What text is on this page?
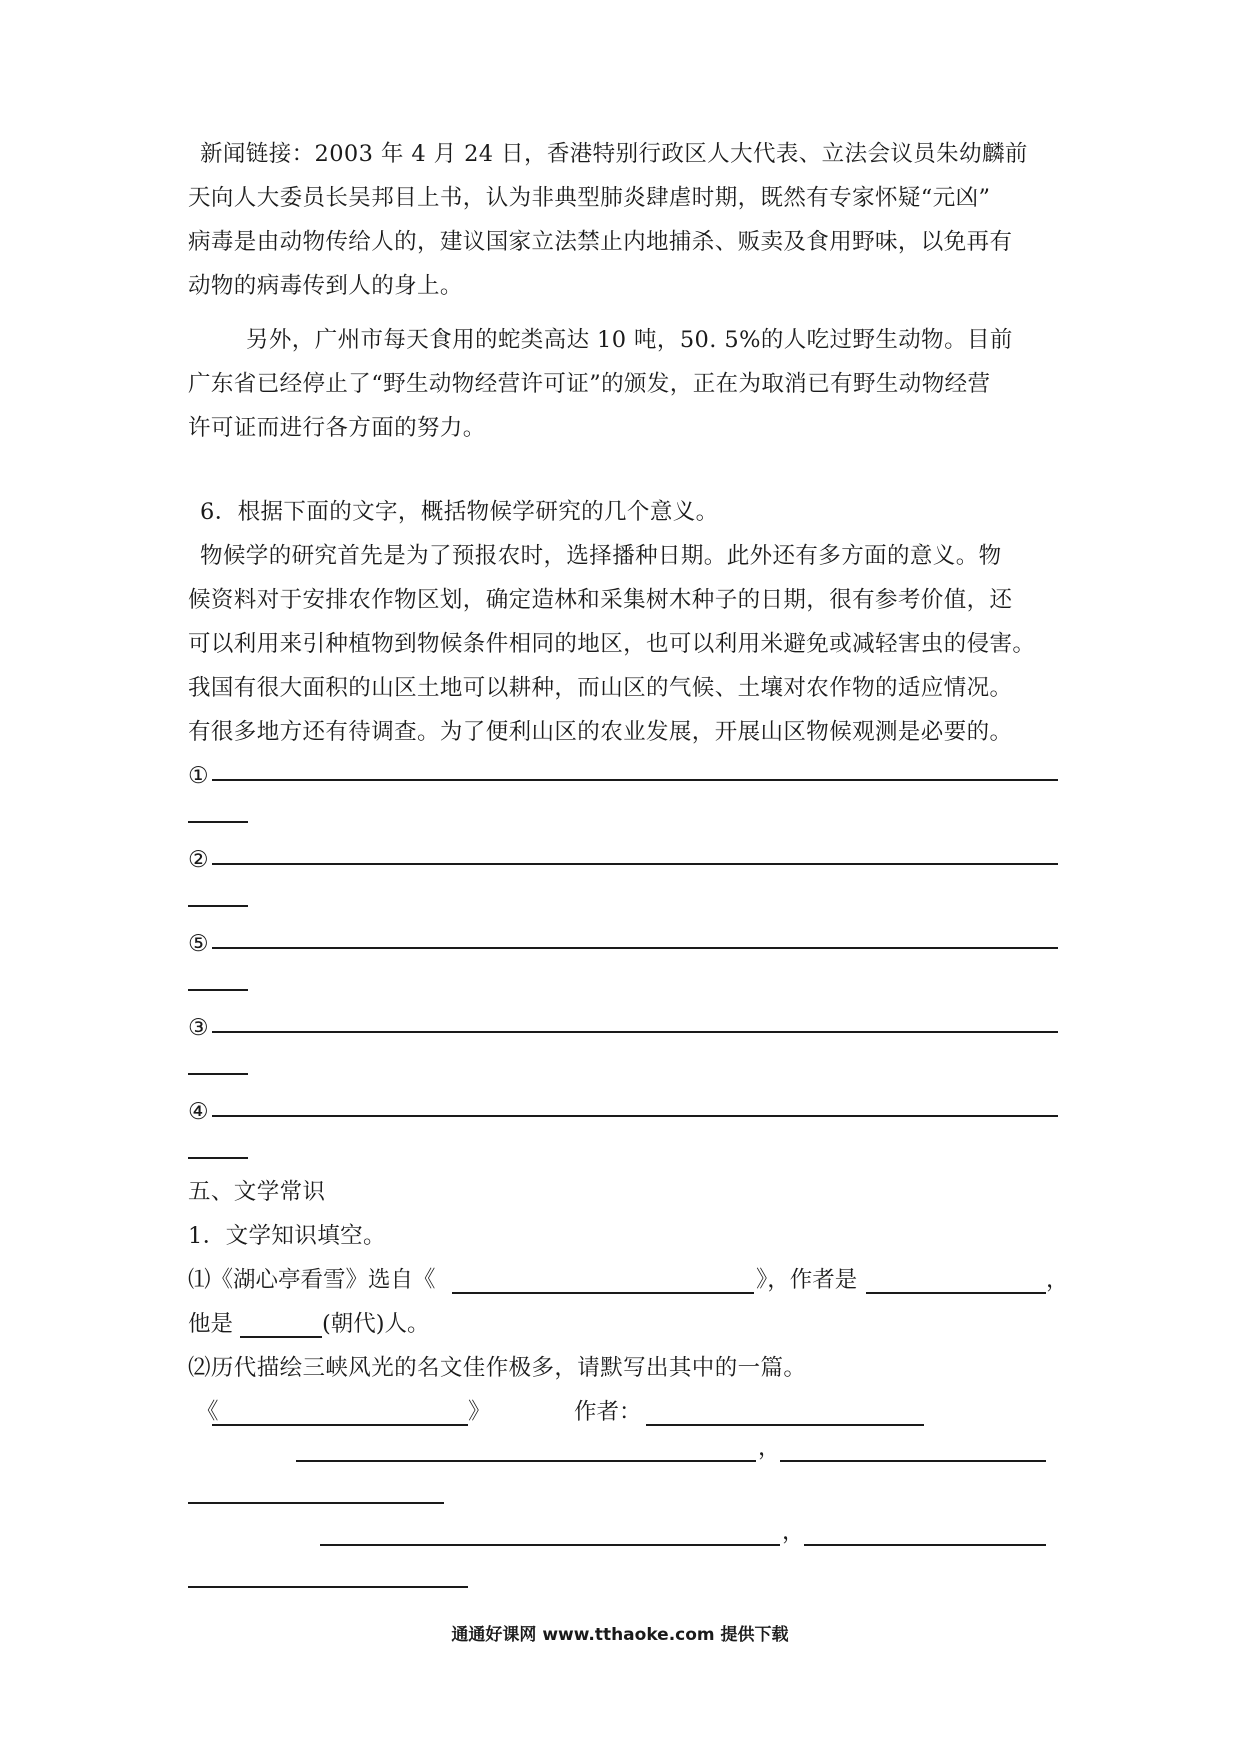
新闻链接：2003 年 4 月 24 日，香港特别行政区人大代表、立法会议员朱幼麟前
天向人大委员长吴邦目上书，认为非典型肺炎肆虐时期，既然有专家怀疑“元凶”
病毒是由动物传给人的，建议国家立法禁止内地捕杀、贩卖及食用野味，以免再有
动物的病毒传到人的身上。
另外，广州市每天食用的蛇类高达 10 吨，50. 5%的人吃过野生动物。目前
广东省已经停止了“野生动物经营许可证”的颁发，正在为取消已有野生动物经营
许可证而进行各方面的努力。
6．根据下面的文字，概括物候学研究的几个意义。
物候学的研究首先是为了预报农时，选择播种日期。此外还有多方面的意义。物
候资料对于安排农作物区划，确定造林和采集树木种子的日期，很有参考价值，还
可以利用来引种植物到物候条件相同的地区，也可以利用米避免或减轻害虫的侵害。
我国有很大面积的山区土地可以耕种，而山区的气候、土壤对农作物的适应情况。
有很多地方还有待调查。为了便利山区的农业发展，开展山区物候观测是必要的。
①
②
⑤
③
④
五、文学常识
1．文学知识填空。
⑴《湖心亭看雪》选自《	》，作者是	，
他是	(朝代)人。
⑵历代描绘三峡风光的名文佳作极多，请默写出其中的一篇。
《	》	作者：
，
，
通通好课网 www.tthaoke.com 提供下载
